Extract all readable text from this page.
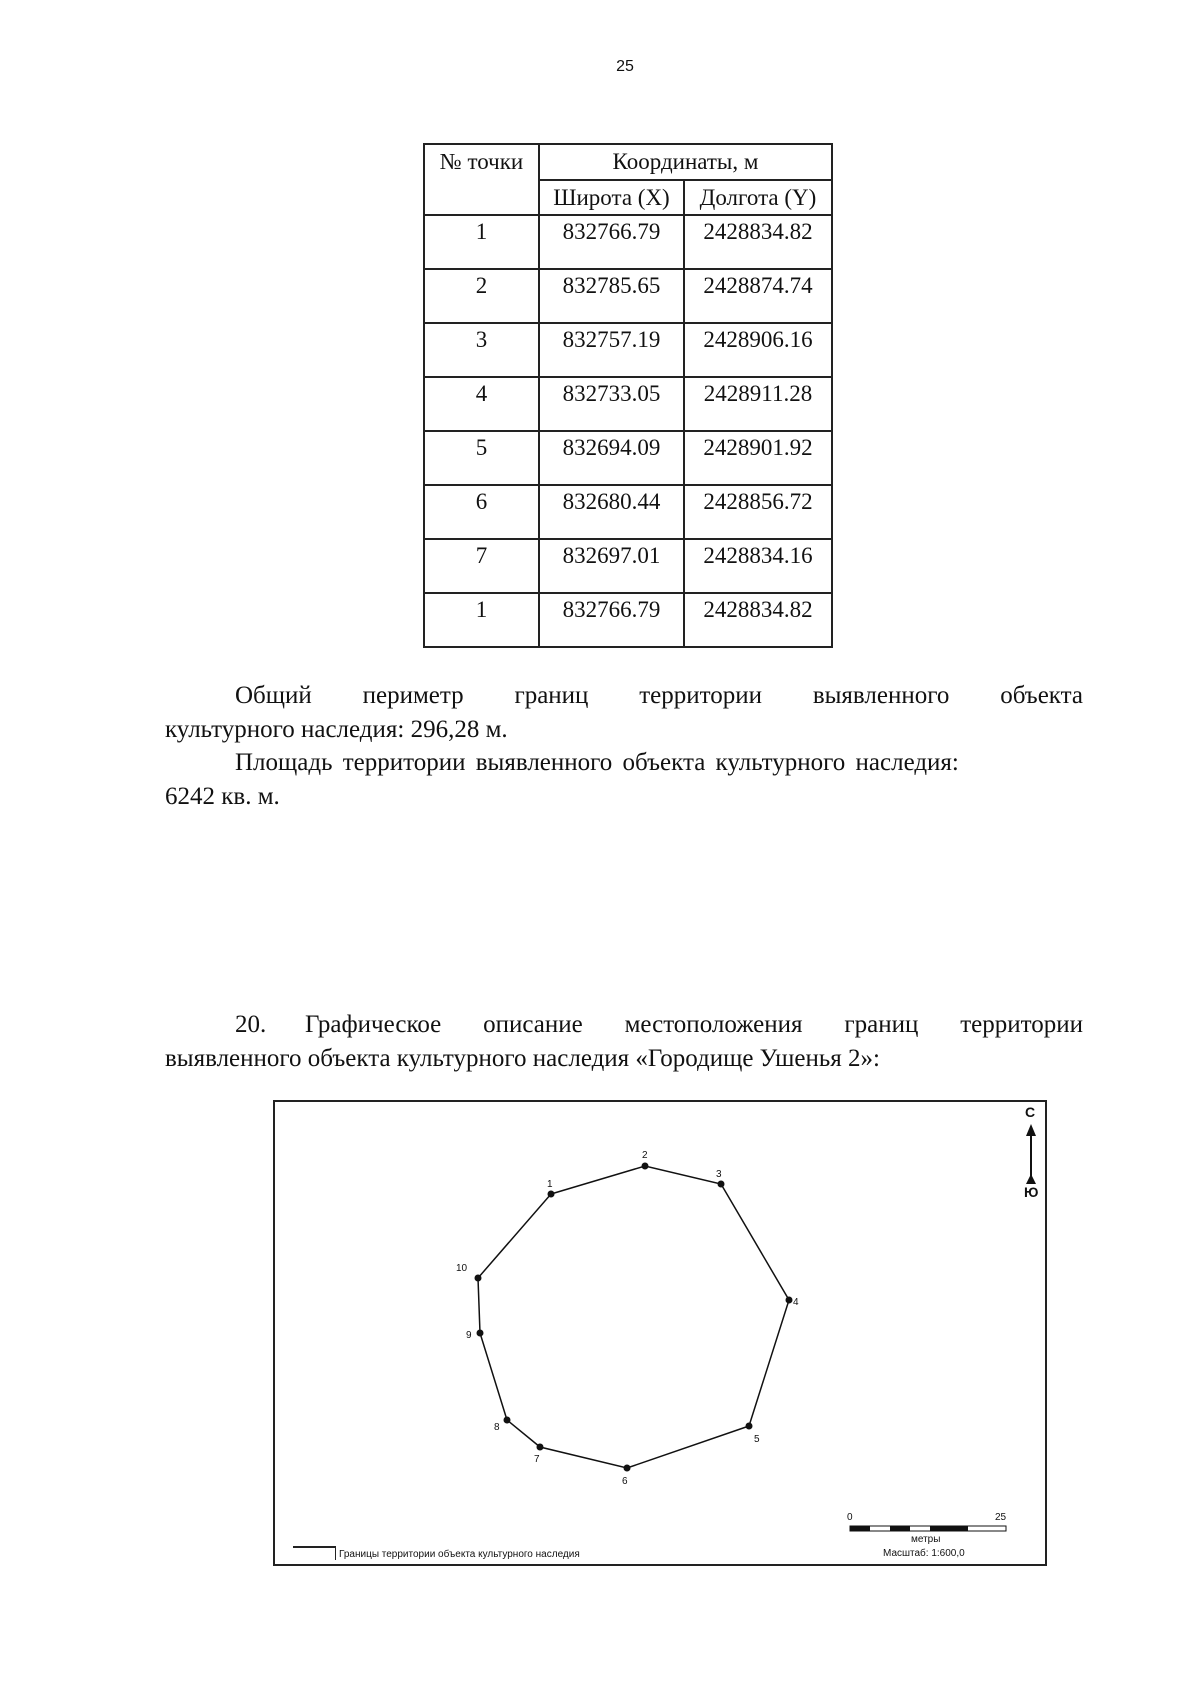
25
№ точки	Координаты, м	
	Широта (X)	Долгота (Y)
1	832766.79	2428834.82
2	832785.65	2428874.74
3	832757.19	2428906.16
4	832733.05	2428911.28
5	832694.09	2428901.92
6	832680.44	2428856.72
7	832697.01	2428834.16
1	832766.79	2428834.82
Общий периметр границ территории выявленного объекта
культурного наследия: 296,28 м.
Площадь территории выявленного объекта культурного наследия:
6242 кв. м.
20.	Графическое описание местоположения границ территории
выявленного объекта культурного наследия «Городище Ушенья 2»:
1
2
3
4
5
6
7
8
9
10
С
Ю
0	25
метры
Масштаб: 1:600,0
Границы территории объекта культурного наследия
